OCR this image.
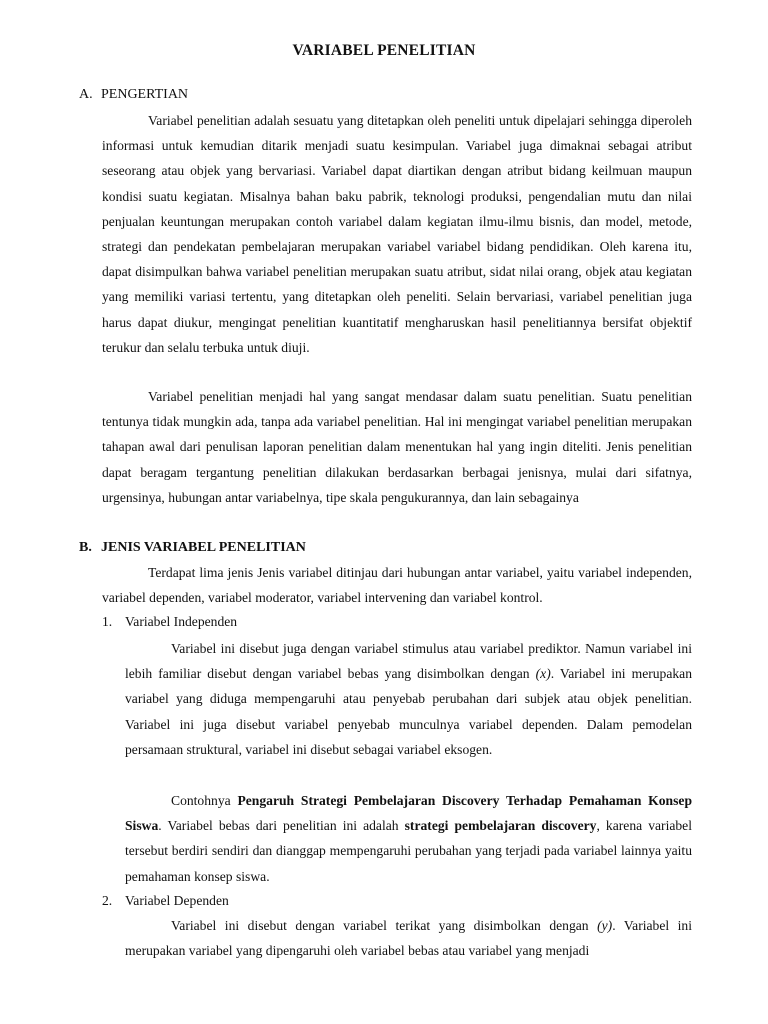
VARIABEL PENELITIAN
A. PENGERTIAN
Variabel penelitian adalah sesuatu yang ditetapkan oleh peneliti untuk dipelajari sehingga diperoleh informasi untuk kemudian ditarik menjadi suatu kesimpulan. Variabel juga dimaknai sebagai atribut seseorang atau objek yang bervariasi. Variabel dapat diartikan dengan atribut bidang keilmuan maupun kondisi suatu kegiatan. Misalnya bahan baku pabrik, teknologi produksi, pengendalian mutu dan nilai penjualan keuntungan merupakan contoh variabel dalam kegiatan ilmu-ilmu bisnis, dan model, metode, strategi dan pendekatan pembelajaran merupakan variabel variabel bidang pendidikan. Oleh karena itu, dapat disimpulkan bahwa variabel penelitian merupakan suatu atribut, sidat nilai orang, objek atau kegiatan yang memiliki variasi tertentu, yang ditetapkan oleh peneliti. Selain bervariasi, variabel penelitian juga harus dapat diukur, mengingat penelitian kuantitatif mengharuskan hasil penelitiannya bersifat objektif terukur dan selalu terbuka untuk diuji.
Variabel penelitian menjadi hal yang sangat mendasar dalam suatu penelitian. Suatu penelitian tentunya tidak mungkin ada, tanpa ada variabel penelitian. Hal ini mengingat variabel penelitian merupakan tahapan awal dari penulisan laporan penelitian dalam menentukan hal yang ingin diteliti. Jenis penelitian dapat beragam tergantung penelitian dilakukan berdasarkan berbagai jenisnya, mulai dari sifatnya, urgensinya, hubungan antar variabelnya, tipe skala pengukurannya, dan lain sebagainya
B. JENIS VARIABEL PENELITIAN
Terdapat lima jenis Jenis variabel ditinjau dari hubungan antar variabel, yaitu variabel independen, variabel dependen, variabel moderator, variabel intervening dan variabel kontrol.
1. Variabel Independen
Variabel ini disebut juga dengan variabel stimulus atau variabel prediktor. Namun variabel ini lebih familiar disebut dengan variabel bebas yang disimbolkan dengan (x). Variabel ini merupakan variabel yang diduga mempengaruhi atau penyebab perubahan dari subjek atau objek penelitian. Variabel ini juga disebut variabel penyebab munculnya variabel dependen. Dalam pemodelan persamaan struktural, variabel ini disebut sebagai variabel eksogen.
Contohnya Pengaruh Strategi Pembelajaran Discovery Terhadap Pemahaman Konsep Siswa. Variabel bebas dari penelitian ini adalah strategi pembelajaran discovery, karena variabel tersebut berdiri sendiri dan dianggap mempengaruhi perubahan yang terjadi pada variabel lainnya yaitu pemahaman konsep siswa.
2. Variabel Dependen
Variabel ini disebut dengan variabel terikat yang disimbolkan dengan (y). Variabel ini merupakan variabel yang dipengaruhi oleh variabel bebas atau variabel yang menjadi
